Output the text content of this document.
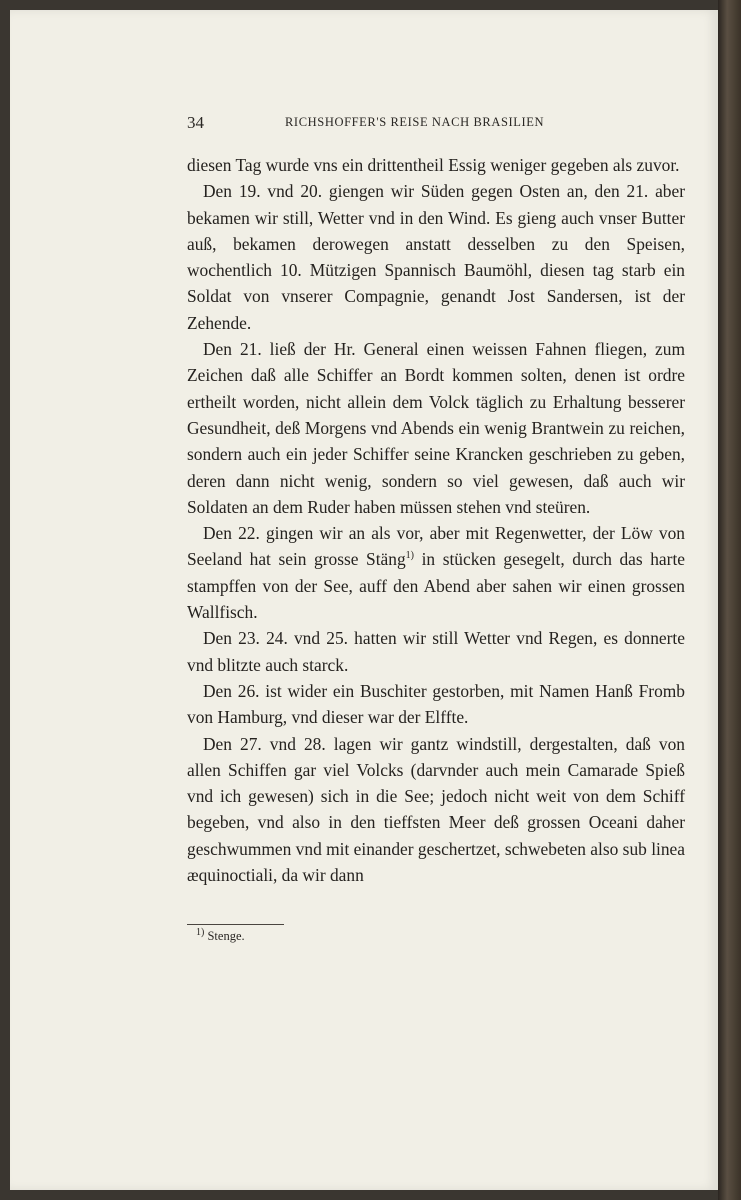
34	RICHSHOFFER'S REISE NACH BRASILIEN

diesen Tag wurde vns ein drittentheil Essig weniger gegeben als zuvor.

Den 19. vnd 20. giengen wir Süden gegen Osten an, den 21. aber bekamen wir still, Wetter vnd in den Wind. Es gieng auch vnser Butter auß, bekamen derowegen anstatt desselben zu den Speisen, wochentlich 10. Mützigen Spannisch Baumöhl, diesen tag starb ein Soldat von vnserer Compagnie, genandt Jost Sandersen, ist der Zehende.

Den 21. ließ der Hr. General einen weissen Fahnen fliegen, zum Zeichen daß alle Schiffer an Bordt kommen solten, denen ist ordre ertheilt worden, nicht allein dem Volck täglich zu Erhaltung besserer Gesundheit, deß Morgens vnd Abends ein wenig Brantwein zu reichen, sondern auch ein jeder Schiffer seine Krancken geschrieben zu geben, deren dann nicht wenig, sondern so viel gewesen, daß auch wir Soldaten an dem Ruder haben müssen stehen vnd steüren.

Den 22. gingen wir an als vor, aber mit Regenwetter, der Löw von Seeland hat sein grosse Stäng$^{1)}$ in stücken gesegelt, durch das harte stampffen von der See, auff den Abend aber sahen wir einen grossen Wallfisch.

Den 23. 24. vnd 25. hatten wir still Wetter vnd Regen, es donnerte vnd blitzte auch starck.

Den 26. ist wider ein Buschiter gestorben, mit Namen Hanß Fromb von Hamburg, vnd dieser war der Elffte.

Den 27. vnd 28. lagen wir gantz windstill, dergestalten, daß von allen Schiffen gar viel Volcks (darvnder auch mein Camarade Spieß vnd ich gewesen) sich in die See; jedoch nicht weit von dem Schiff begeben, vnd also in den tieffsten Meer deß grossen Oceani daher geschwummen vnd mit einander geschertzet, schwebeten also sub linea æquinoctiali, da wir dann

$^{1)}$ Stenge.
